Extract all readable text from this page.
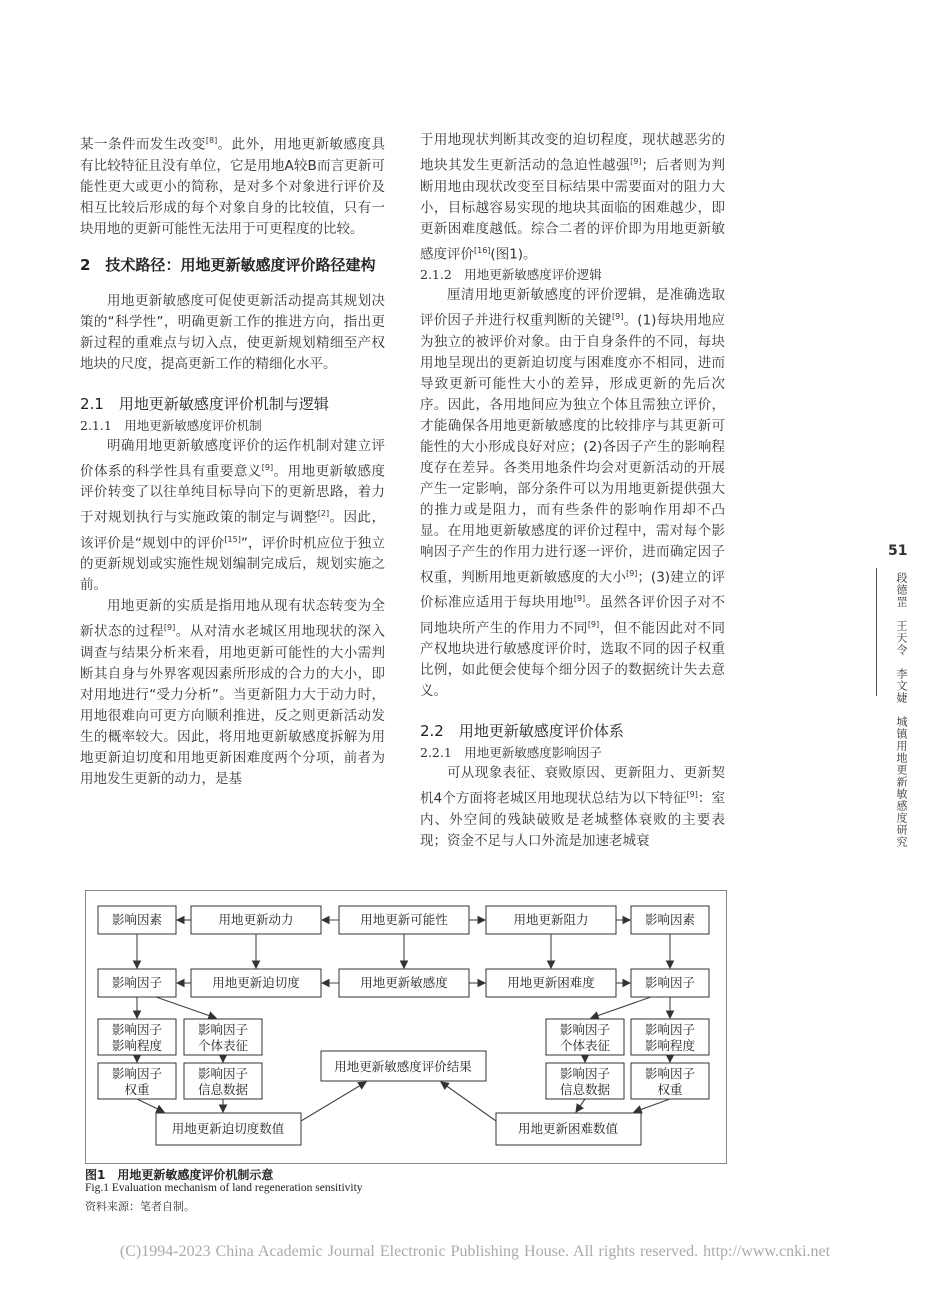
某一条件而发生改变[8]。此外，用地更新敏感度具有比较特征且没有单位，它是用地A较B而言更新可能性更大或更小的简称，是对多个对象进行评价及相互比较后形成的每个对象自身的比较值，只有一块用地的更新可能性无法用于可更程度的比较。

2　技术路径：用地更新敏感度评价路径建构

用地更新敏感度可促使更新活动提高其规划决策的“科学性”，明确更新工作的推进方向，指出更新过程的重难点与切入点，使更新规划精细至产权地块的尺度，提高更新工作的精细化水平。

2.1　用地更新敏感度评价机制与逻辑
2.1.1　用地更新敏感度评价机制

明确用地更新敏感度评价的运作机制对建立评价体系的科学性具有重要意义[9]。用地更新敏感度评价转变了以往单纯目标导向下的更新思路，着力于对规划执行与实施政策的制定与调整[2]。因此，该评价是“规划中的评价[15]”，评价时机应位于独立的更新规划或实施性规划编制完成后，规划实施之前。

用地更新的实质是指用地从现有状态转变为全新状态的过程[9]。从对清水老城区用地现状的深入调查与结果分析来看，用地更新可能性的大小需判断其自身与外界客观因素所形成的合力的大小，即对用地进行“受力分析”。当更新阻力大于动力时，用地很难向可更方向顺利推进，反之则更新活动发生的概率较大。因此，将用地更新敏感度拆解为用地更新迫切度和用地更新困难度两个分项，前者为用地发生更新的动力，是基

于用地现状判断其改变的迫切程度，现状越恶劣的地块其发生更新活动的急迫性越强[9]；后者则为判断用地由现状改变至目标结果中需要面对的阻力大小，目标越容易实现的地块其面临的困难越少，即更新困难度越低。综合二者的评价即为用地更新敏感度评价[16](图1)。

2.1.2　用地更新敏感度评价逻辑

厘清用地更新敏感度的评价逻辑，是准确选取评价因子并进行权重判断的关键[9]。(1)每块用地应为独立的被评价对象。由于自身条件的不同，每块用地呈现出的更新迫切度与困难度亦不相同，进而导致更新可能性大小的差异，形成更新的先后次序。因此，各用地间应为独立个体且需独立评价，才能确保各用地更新敏感度的比较排序与其更新可能性的大小形成良好对应；(2)各因子产生的影响程度存在差异。各类用地条件均会对更新活动的开展产生一定影响，部分条件可以为用地更新提供强大的推力或是阻力，而有些条件的影响作用却不凸显。在用地更新敏感度的评价过程中，需对每个影响因子产生的作用力进行逐一评价，进而确定因子权重，判断用地更新敏感度的大小[9]；(3)建立的评价标准应适用于每块用地[9]。虽然各评价因子对不同地块所产生的作用力不同[9]，但不能因此对不同产权地块进行敏感度评价时，选取不同的因子权重比例，如此便会使每个细分因子的数据统计失去意义。

2.2　用地更新敏感度评价体系
2.2.1　用地更新敏感度影响因子

可从现象表征、衰败原因、更新阻力、更新契机4个方面将老城区用地现状总结为以下特征[9]：室内、外空间的残缺破败是老城整体衰败的主要表现；资金不足与人口外流是加速老城衰

51
段德罡　王天令　李文婕　城镇用地更新敏感度研究
影响因素	用地更新动力	用地更新可能性	用地更新阻力	影响因素
影响因子	用地更新迫切度	用地更新敏感度	用地更新困难度	影响因子
影响因子
影响程度
影响因子
个体表征
影响因子
权重
影响因子
信息数据
影响因子
个体表征
影响因子
影响程度
影响因子
信息数据
影响因子
权重
用地更新敏感度评价结果
用地更新迫切度数值	用地更新困难数值
图1　用地更新敏感度评价机制示意
Fig.1 Evaluation mechanism of land regeneration sensitivity
资料来源：笔者自制。
(C)1994-2023 China Academic Journal Electronic Publishing House. All rights reserved. http://www.cnki.net
